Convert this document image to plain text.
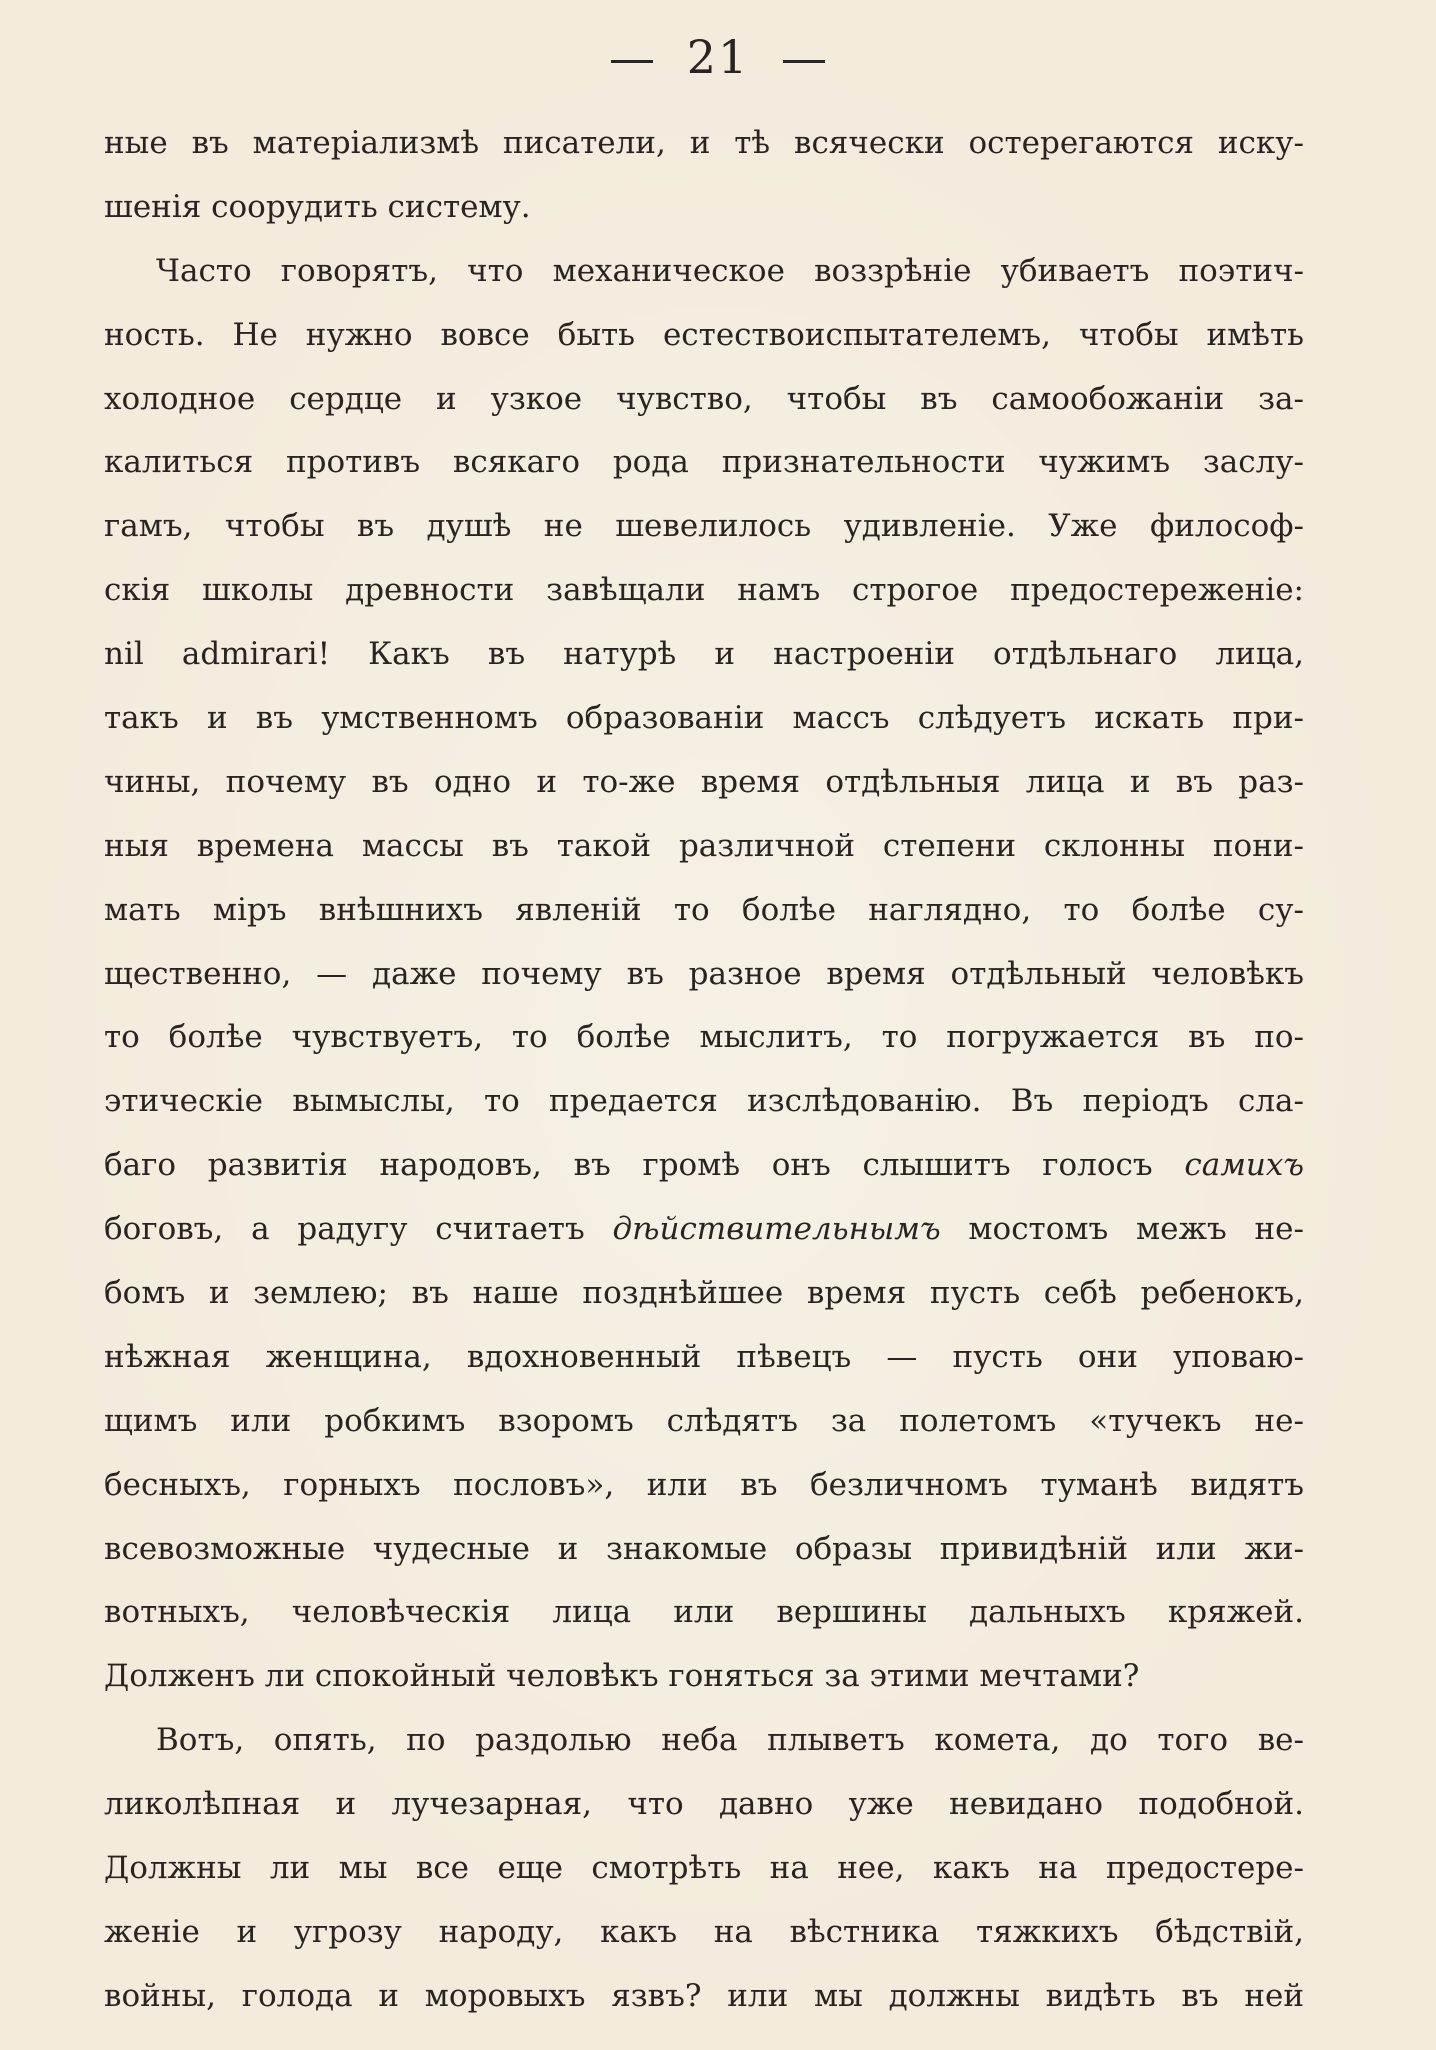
21
ные въ матеріализмѣ писатели, и тѣ всячески остерегаются иску-
шенія соорудить систему.
Часто говорятъ, что механическое воззрѣніе убиваетъ поэтич-
ность. Не нужно вовсе быть естествоиспытателемъ, чтобы имѣть
холодное сердце и узкое чувство, чтобы въ самообожаніи за-
калиться противъ всякаго рода признательности чужимъ заслу-
гамъ, чтобы въ душѣ не шевелилось удивленіе. Уже философ-
скія школы древности завѣщали намъ строгое предостереженіе:
nil admirari! Какъ въ натурѣ и настроеніи отдѣльнаго лица,
такъ и въ умственномъ образованіи массъ слѣдуетъ искать при-
чины, почему въ одно и то-же время отдѣльныя лица и въ раз-
ныя времена массы въ такой различной степени склонны пони-
мать міръ внѣшнихъ явленій то болѣе наглядно, то болѣе су-
щественно, — даже почему въ разное время отдѣльный человѣкъ
то болѣе чувствуетъ, то болѣе мыслитъ, то погружается въ по-
этическіе вымыслы, то предается изслѣдованію. Въ періодъ сла-
баго развитія народовъ, въ громѣ онъ слышитъ голосъ самихъ
боговъ, а радугу считаетъ дѣйствительнымъ мостомъ межъ не-
бомъ и землею; въ наше позднѣйшее время пусть себѣ ребенокъ,
нѣжная женщина, вдохновенный пѣвецъ — пусть они уповаю-
щимъ или робкимъ взоромъ слѣдятъ за полетомъ «тучекъ не-
бесныхъ, горныхъ пословъ», или въ безличномъ туманѣ видятъ
всевозможные чудесные и знакомые образы привидѣній или жи-
вотныхъ, человѣческія лица или вершины дальныхъ кряжей.
Долженъ ли спокойный человѣкъ гоняться за этими мечтами?
Вотъ, опять, по раздолью неба плыветъ комета, до того ве-
ликолѣпная и лучезарная, что давно уже невидано подобной.
Должны ли мы все еще смотрѣть на нее, какъ на предостере-
женіе и угрозу народу, какъ на вѣстника тяжкихъ бѣдствій,
войны, голода и моровыхъ язвъ? или мы должны видѣть въ ней
